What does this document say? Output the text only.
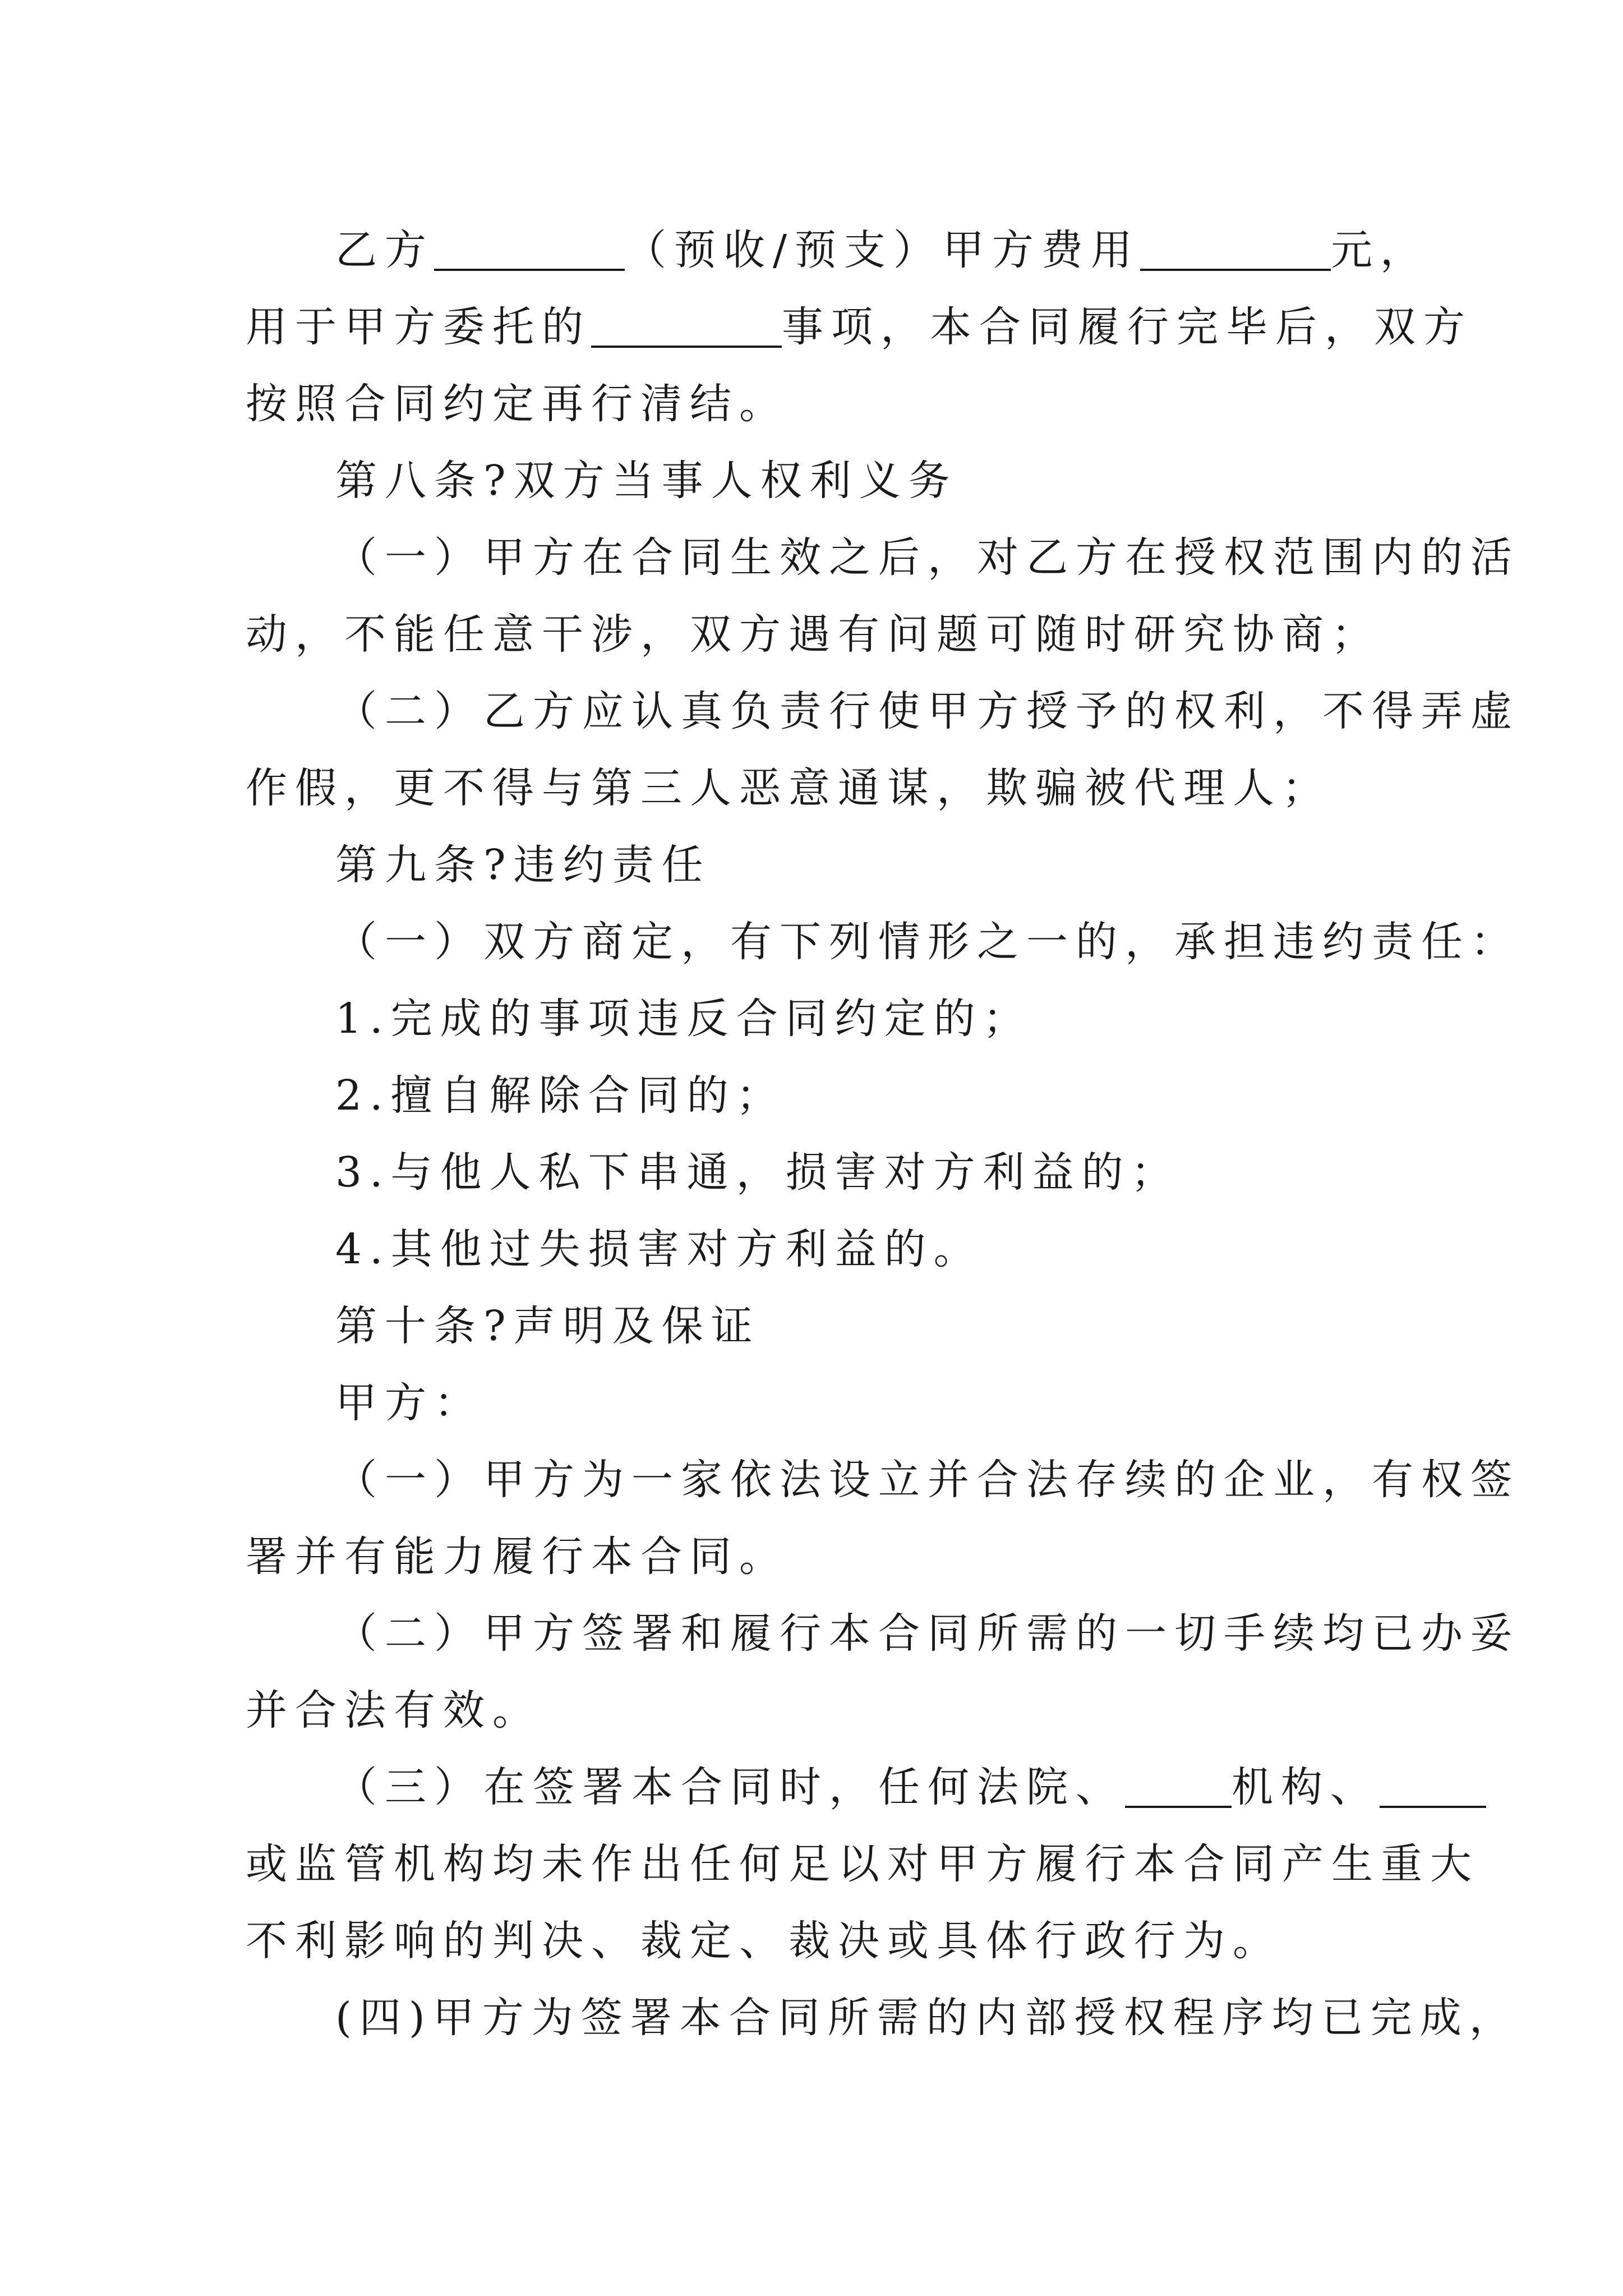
乙方	（预收/预支）甲方费用	元，
用于甲方委托的	事项，本合同履行完毕后，双方
按照合同约定再行清结。

第八条?双方当事人权利义务

（一）甲方在合同生效之后，对乙方在授权范围内的活
动，不能任意干涉，双方遇有问题可随时研究协商；

（二）乙方应认真负责行使甲方授予的权利，不得弄虚
作假，更不得与第三人恶意通谋，欺骗被代理人；

第九条?违约责任

（一）双方商定，有下列情形之一的，承担违约责任：

1.完成的事项违反合同约定的；

2.擅自解除合同的；

3.与他人私下串通，损害对方利益的；

4.其他过失损害对方利益的。

第十条?声明及保证

甲方：

（一）甲方为一家依法设立并合法存续的企业，有权签
署并有能力履行本合同。

（二）甲方签署和履行本合同所需的一切手续均已办妥
并合法有效。

（三）在签署本合同时，任何法院、	机构、
或监管机构均未作出任何足以对甲方履行本合同产生重大
不利影响的判决、裁定、裁决或具体行政行为。

(四)甲方为签署本合同所需的内部授权程序均已完成，
